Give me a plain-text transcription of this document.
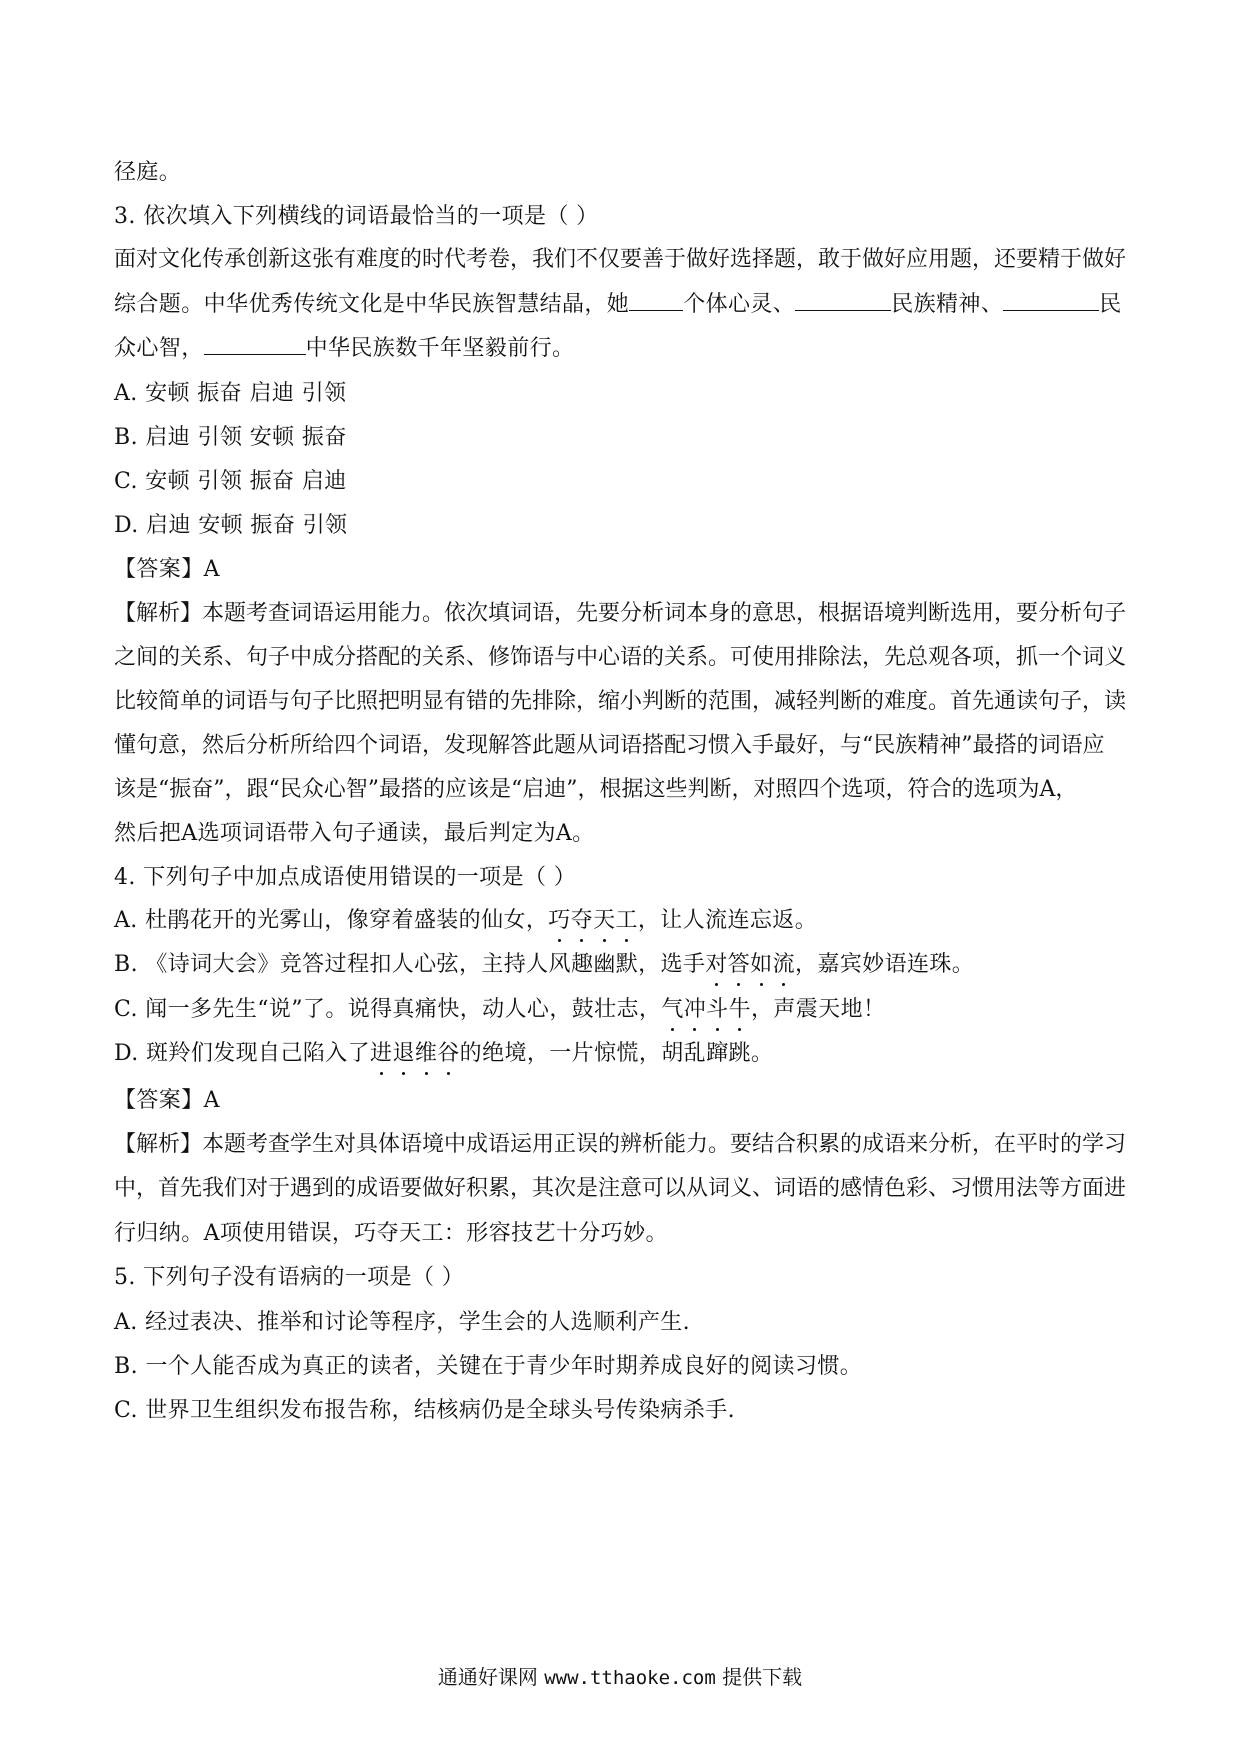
径庭。
3. 依次填入下列横线的词语最恰当的一项是（ ）
面对文化传承创新这张有难度的时代考卷，我们不仅要善于做好选择题，敢于做好应用题，还要精于做好
综合题。中华优秀传统文化是中华民族智慧结晶，她 个体心灵、	民族精神、	民
众心智，	中华民族数千年坚毅前行。
A. 安顿 振奋 启迪 引领
B. 启迪 引领 安顿 振奋
C. 安顿 引领 振奋 启迪
D. 启迪 安顿 振奋 引领
【答案】A
【解析】本题考查词语运用能力。依次填词语，先要分析词本身的意思，根据语境判断选用，要分析句子
之间的关系、句子中成分搭配的关系、修饰语与中心语的关系。可使用排除法，先总观各项，抓一个词义
比较简单的词语与句子比照把明显有错的先排除，缩小判断的范围，减轻判断的难度。首先通读句子，读
懂句意，然后分析所给四个词语，发现解答此题从词语搭配习惯入手最好，与“民族精神”最搭的词语应
该是“振奋”，跟“民众心智”最搭的应该是“启迪”，根据这些判断，对照四个选项，符合的选项为A，
然后把A选项词语带入句子通读，最后判定为A。
4. 下列句子中加点成语使用错误的一项是（ ）
A. 杜鹃花开的光雾山，像穿着盛装的仙女，巧夺天工，让人流连忘返。
B. 《诗词大会》竞答过程扣人心弦，主持人风趣幽默，选手对答如流，嘉宾妙语连珠。
C. 闻一多先生“说”了。说得真痛快，动人心，鼓壮志，气冲斗牛，声震天地！
D. 斑羚们发现自己陷入了进退维谷的绝境，一片惊慌，胡乱蹿跳。
【答案】A
【解析】本题考查学生对具体语境中成语运用正误的辨析能力。要结合积累的成语来分析，在平时的学习
中，首先我们对于遇到的成语要做好积累，其次是注意可以从词义、词语的感情色彩、习惯用法等方面进
行归纳。A项使用错误，巧夺天工：形容技艺十分巧妙。
5. 下列句子没有语病的一项是（ ）
A. 经过表决、推举和讨论等程序，学生会的人选顺利产生.
B. 一个人能否成为真正的读者，关键在于青少年时期养成良好的阅读习惯。
C. 世界卫生组织发布报告称，结核病仍是全球头号传染病杀手.
通通好课网 www.tthaoke.com 提供下载
